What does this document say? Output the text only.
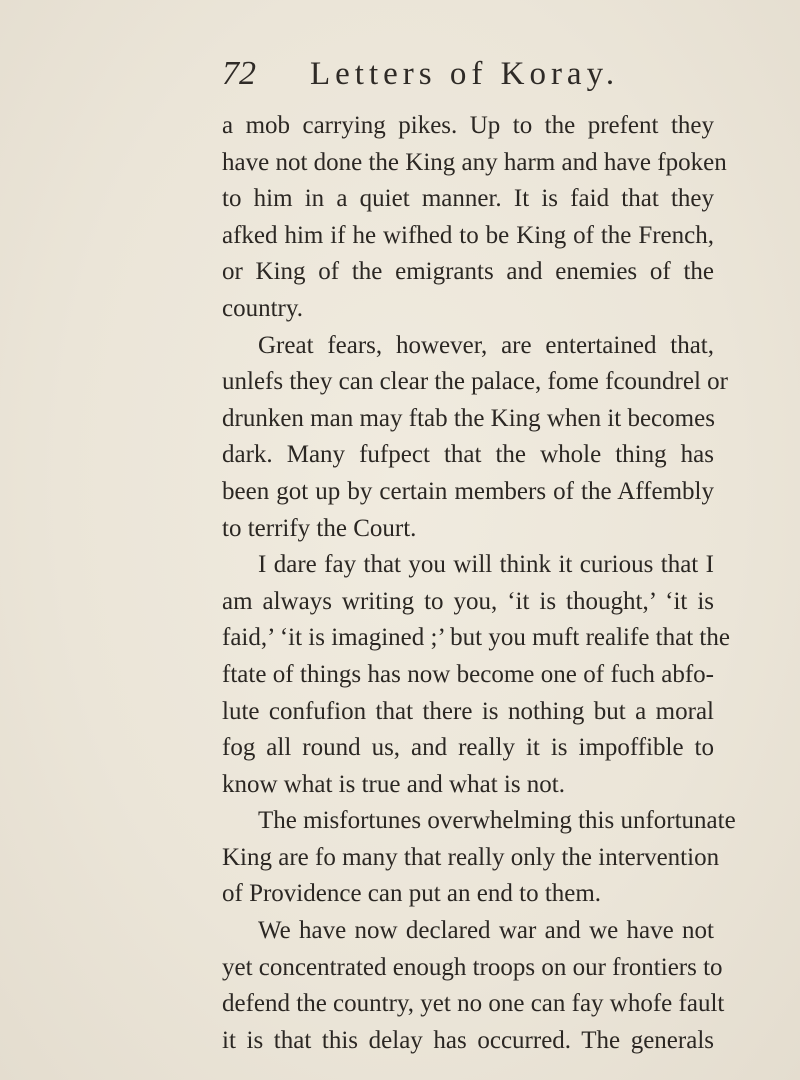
72 Letters of Koray.
a mob carrying pikes. Up to the prefent they
have not done the King any harm and have fpoken
to him in a quiet manner. It is faid that they
afked him if he wifhed to be King of the French,
or King of the emigrants and enemies of the
country.
Great fears, however, are entertained that,
unlefs they can clear the palace, fome fcoundrel or
drunken man may ftab the King when it becomes
dark. Many fufpect that the whole thing has
been got up by certain members of the Affembly
to terrify the Court.
I dare fay that you will think it curious that I
am always writing to you, ‘it is thought,’ ‘it is
faid,’ ‘it is imagined ;’ but you muft realife that the
ftate of things has now become one of fuch abfo-
lute confufion that there is nothing but a moral
fog all round us, and really it is impoffible to
know what is true and what is not.
The misfortunes overwhelming this unfortunate
King are fo many that really only the intervention
of Providence can put an end to them.
We have now declared war and we have not
yet concentrated enough troops on our frontiers to
defend the country, yet no one can fay whofe fault
it is that this delay has occurred. The generals
